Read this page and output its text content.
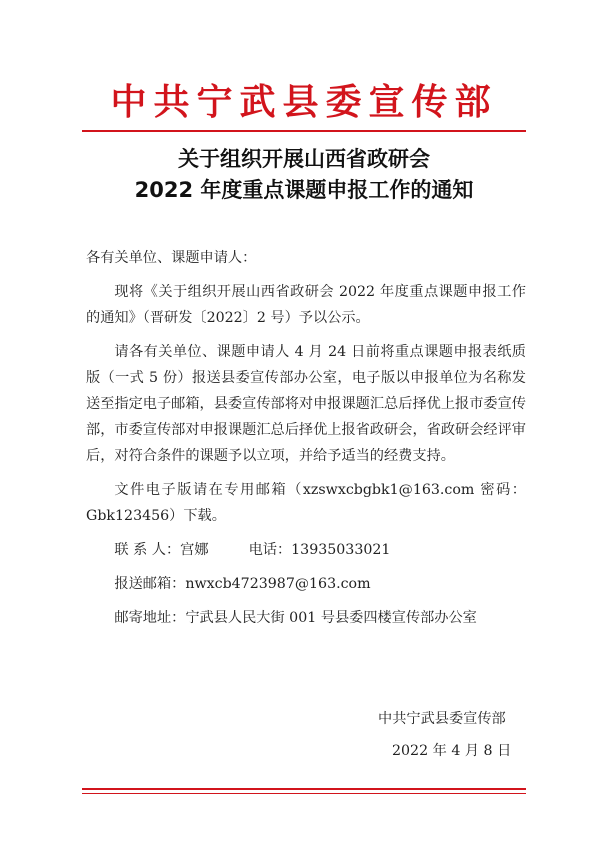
中共宁武县委宣传部
关于组织开展山西省政研会
2022 年度重点课题申报工作的通知

各有关单位、课题申请人：

现将《关于组织开展山西省政研会 2022 年度重点课题申报工作的通知》（晋研发〔2022〕2 号）予以公示。

请各有关单位、课题申请人 4 月 24 日前将重点课题申报表纸质版（一式 5 份）报送县委宣传部办公室，电子版以申报单位为名称发送至指定电子邮箱，县委宣传部将对申报课题汇总后择优上报市委宣传部，市委宣传部对申报课题汇总后择优上报省政研会，省政研会经评审后，对符合条件的课题予以立项，并给予适当的经费支持。

文件电子版请在专用邮箱（xzswxcbgbk1@163.com 密码：Gbk123456）下载。

联 系 人：宫娜	电话：13935033021

报送邮箱：nwxcb4723987@163.com

邮寄地址：宁武县人民大街 001 号县委四楼宣传部办公室

中共宁武县委宣传部
2022 年 4 月 8 日
